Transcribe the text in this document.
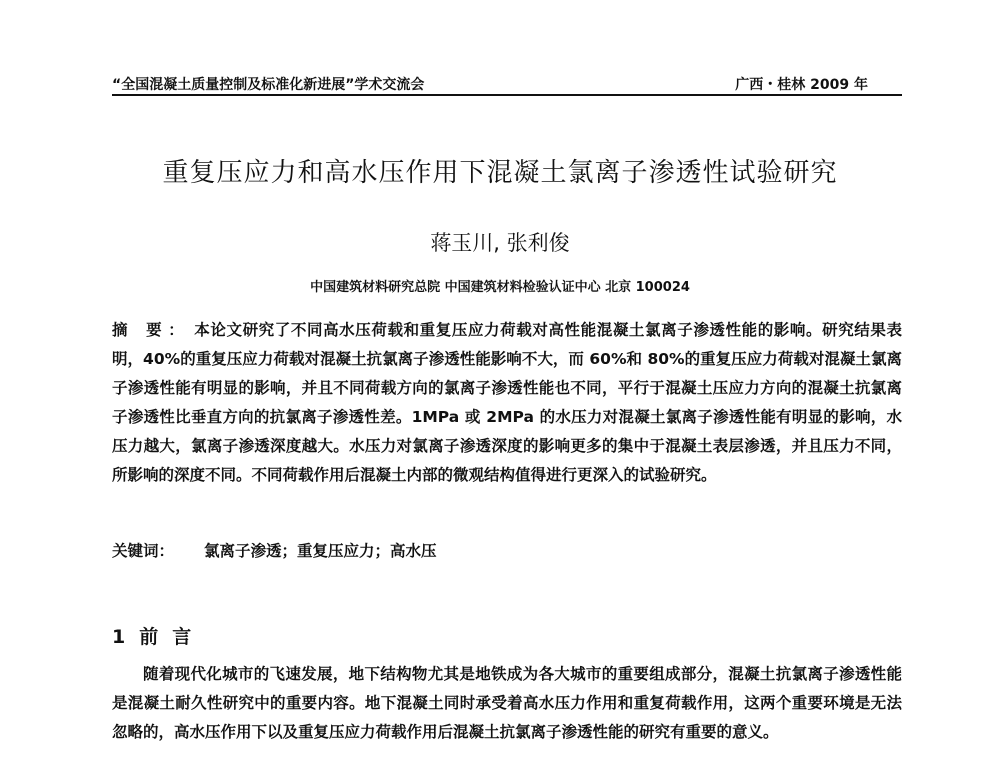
“全国混凝土质量控制及标准化新进展”学术交流会	广西・桂林 2009 年
重复压应力和高水压作用下混凝土氯离子渗透性试验研究
蒋玉川, 张利俊
中国建筑材料研究总院 中国建筑材料检验认证中心 北京 100024
摘 要： 本论文研究了不同高水压荷载和重复压应力荷载对高性能混凝土氯离子渗透性能的影响。研究结果表明，40%的重复压应力荷载对混凝土抗氯离子渗透性能影响不大，而 60%和 80%的重复压应力荷载对混凝土氯离子渗透性能有明显的影响，并且不同荷载方向的氯离子渗透性能也不同，平行于混凝土压应力方向的混凝土抗氯离子渗透性比垂直方向的抗氯离子渗透性差。1MPa 或 2MPa 的水压力对混凝土氯离子渗透性能有明显的影响，水压力越大，氯离子渗透深度越大。水压力对氯离子渗透深度的影响更多的集中于混凝土表层渗透，并且压力不同，所影响的深度不同。不同荷载作用后混凝土内部的微观结构值得进行更深入的试验研究。
关键词： 氯离子渗透；重复压应力；高水压
1 前言
随着现代化城市的飞速发展，地下结构物尤其是地铁成为各大城市的重要组成部分，混凝土抗氯离子渗透性能是混凝土耐久性研究中的重要内容。地下混凝土同时承受着高水压力作用和重复荷载作用，这两个重要环境是无法忽略的，高水压作用下以及重复压应力荷载作用后混凝土抗氯离子渗透性能的研究有重要的意义。
